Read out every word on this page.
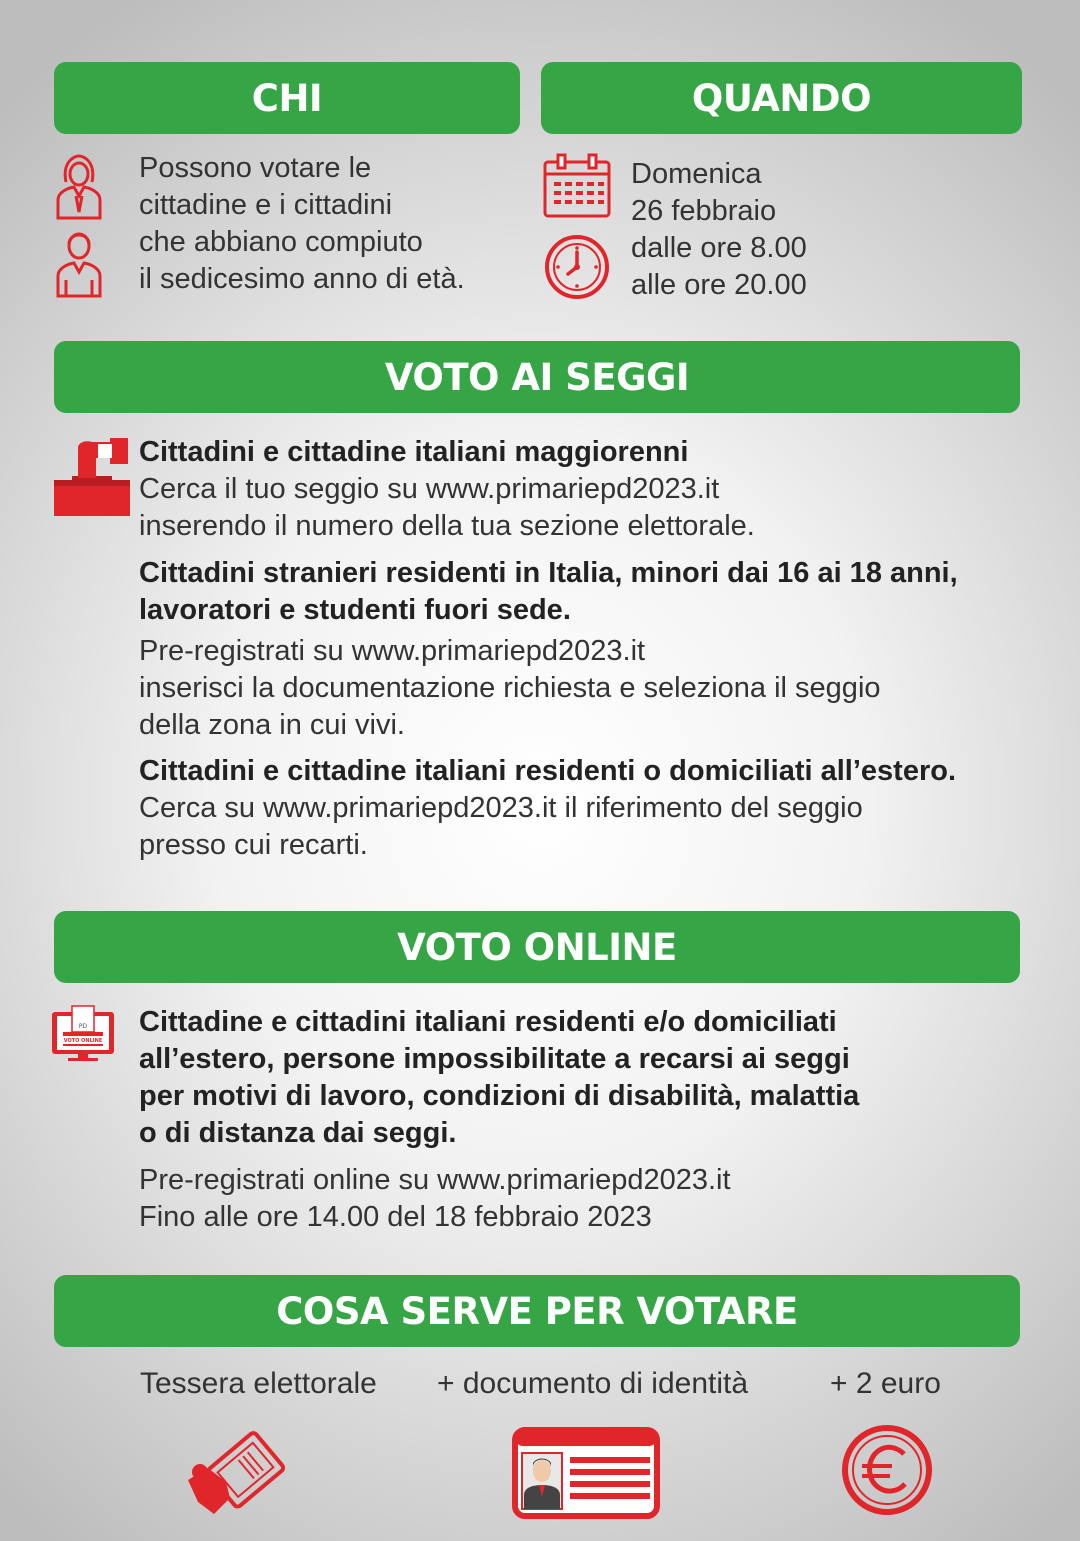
CHI	QUANDO
Possono votare le
cittadine e i cittadini
che abbiano compiuto
il sedicesimo anno di età.
Domenica
26 febbraio
dalle ore 8.00
alle ore 20.00
VOTO AI SEGGI
Cittadini e cittadine italiani maggiorenni
Cerca il tuo seggio su www.primariepd2023.it
inserendo il numero della tua sezione elettorale.
Cittadini stranieri residenti in Italia, minori dai 16 ai 18 anni,
lavoratori e studenti fuori sede.
Pre-registrati su www.primariepd2023.it
inserisci la documentazione richiesta e seleziona il seggio
della zona in cui vivi.
Cittadini e cittadine italiani residenti o domiciliati all’estero.
Cerca su www.primariepd2023.it il riferimento del seggio
presso cui recarti.
VOTO ONLINE
PD
VOTO ONLINE
Cittadine e cittadini italiani residenti e/o domiciliati
all’estero, persone impossibilitate a recarsi ai seggi
per motivi di lavoro, condizioni di disabilità, malattia
o di distanza dai seggi.
Pre-registrati online su www.primariepd2023.it
Fino alle ore 14.00 del 18 febbraio 2023
COSA SERVE PER VOTARE
Tessera elettorale + documento di identità	+ 2 euro
